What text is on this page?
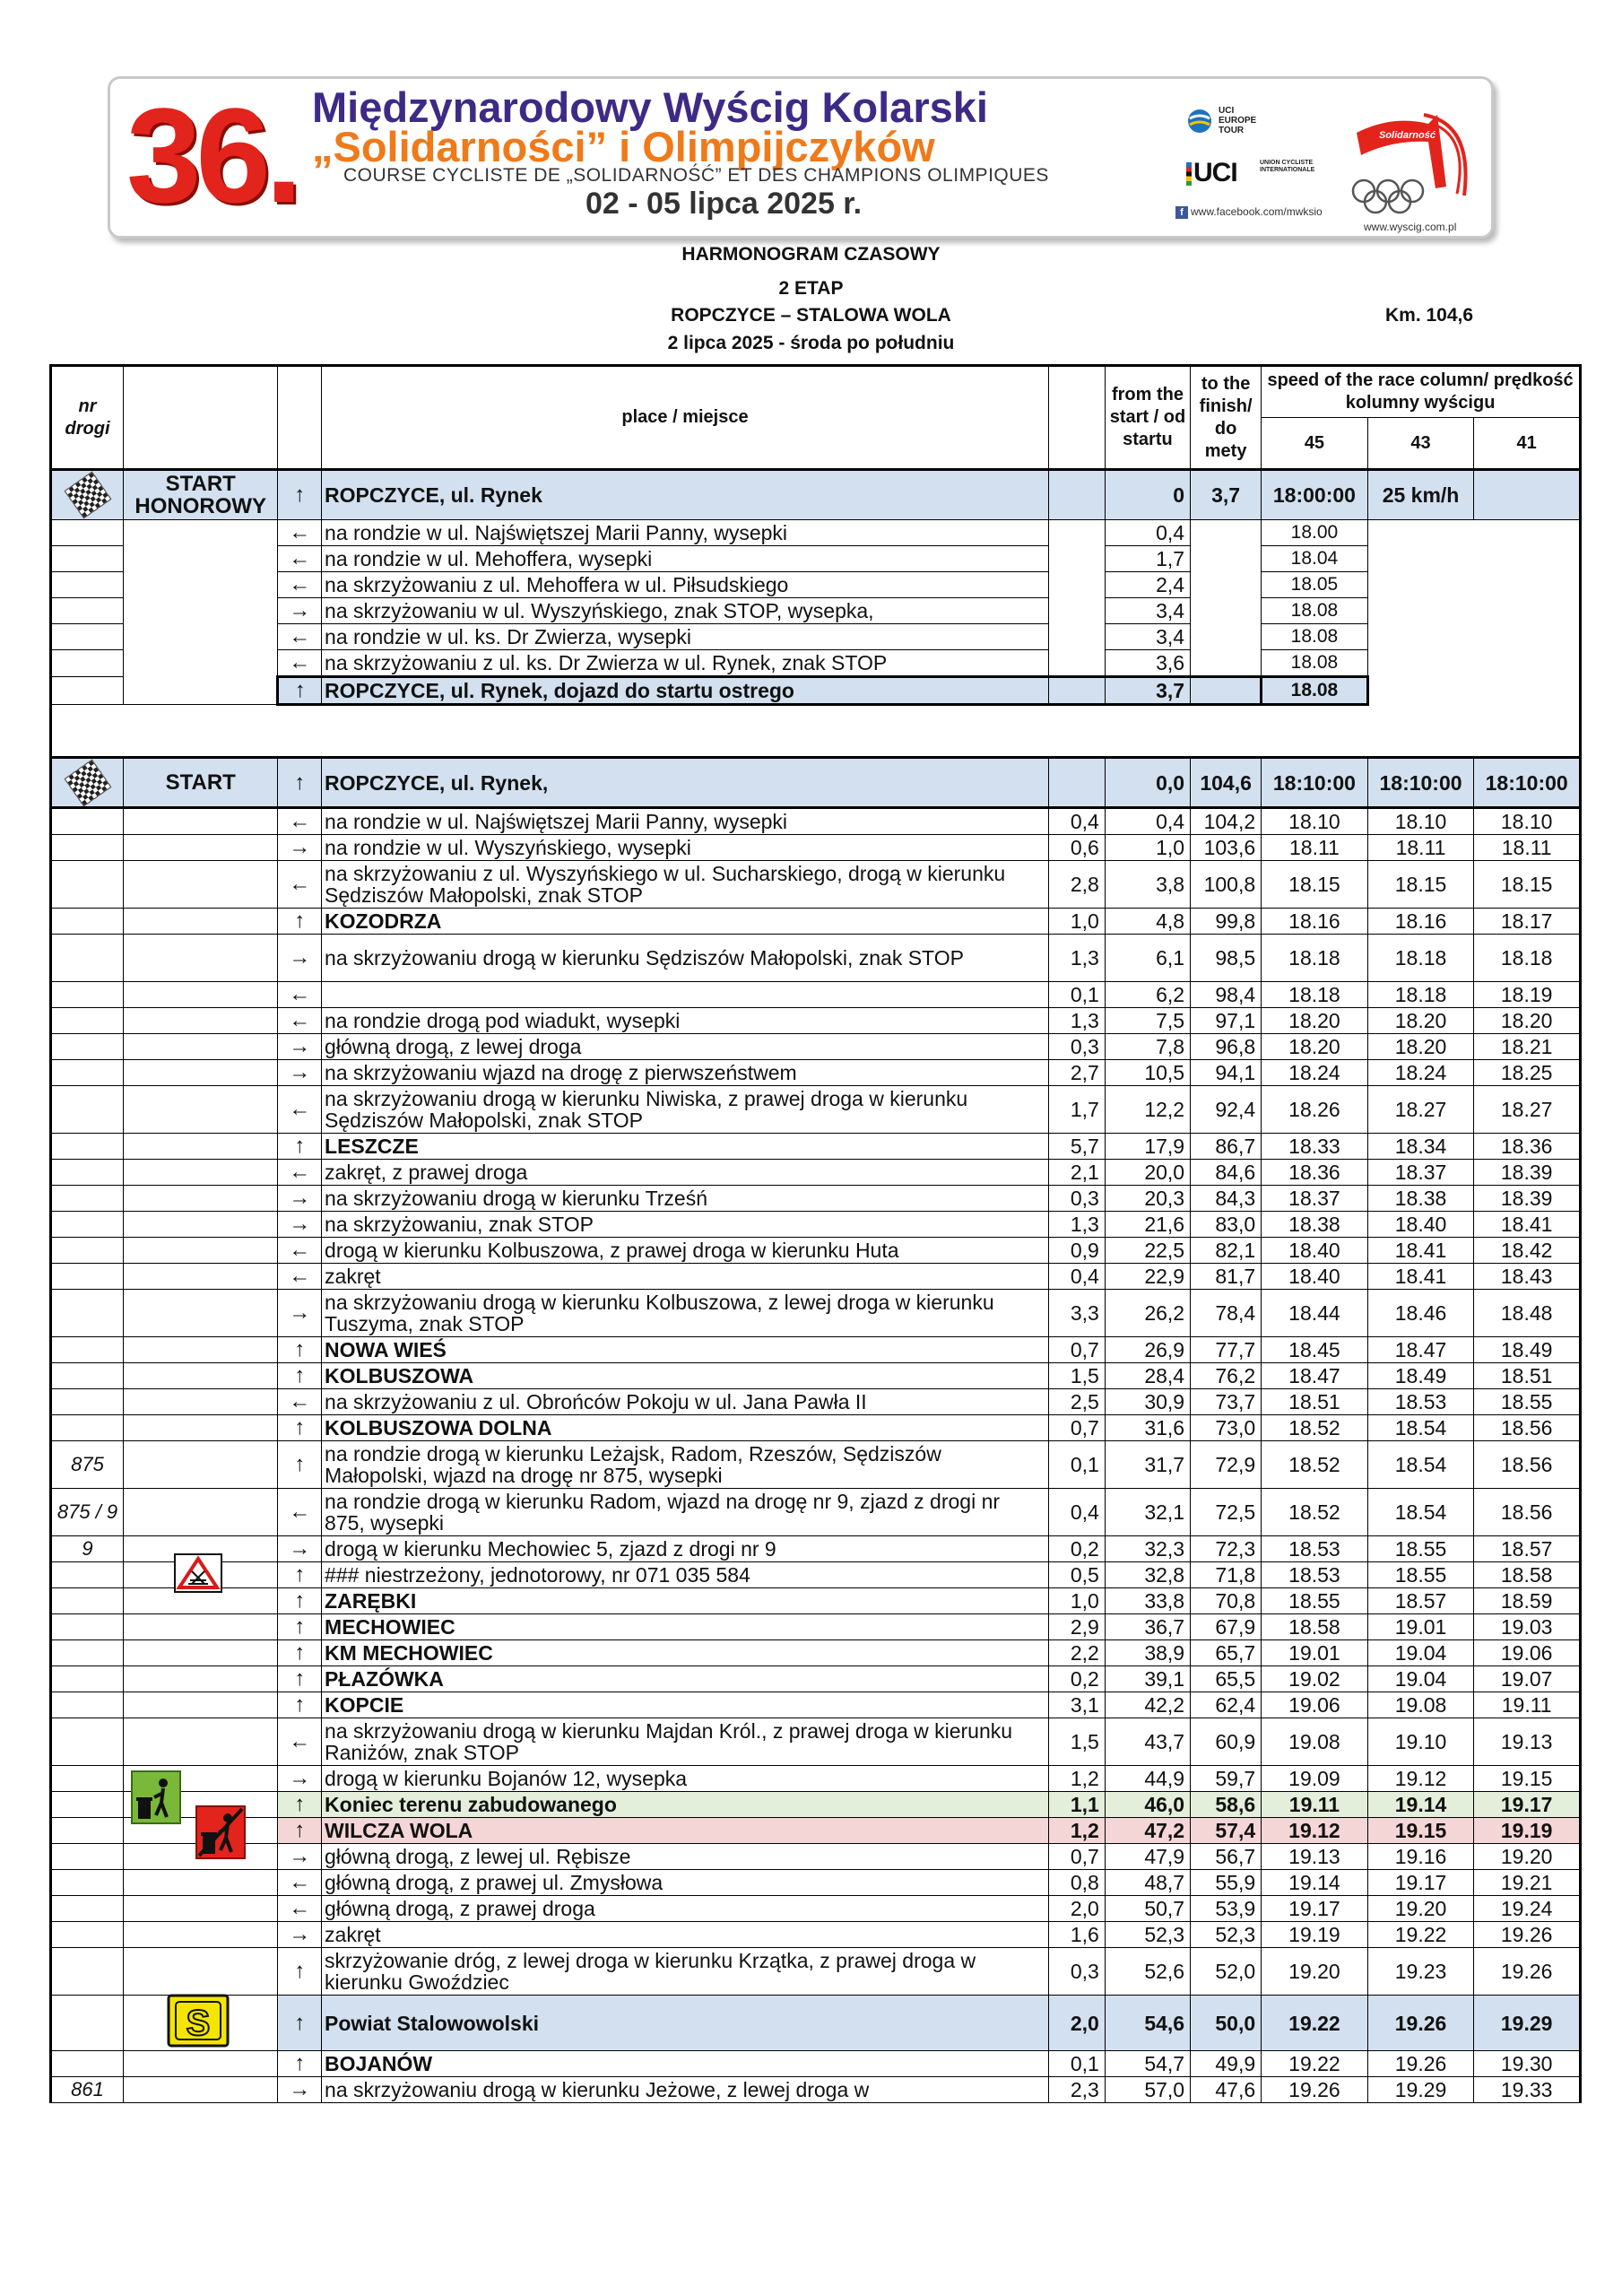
36. Międzynarodowy Wyścig Kolarski
„Solidarności” i Olimpijczyków
COURSE CYCLISTE DE „SOLIDARNOŚĆ” ET DES CHAMPIONS OLIMPIQUES
02 - 05 lipca 2025 r.
UCI EUROPE TOUR
UCI	UNION CYCLISTE INTERNATIONALE
f www.facebook.com/mwksio
Solidarność
www.wyscig.com.pl
HARMONOGRAM CZASOWY
2 ETAP
ROPCZYCE – STALOWA WOLA	Km. 104,6
2 lipca 2025 - środa po południu
nr drogi			place / miejsce		from the start / od startu	to the finish/ do mety	speed of the race column/ prędkość kolumny wyścigu		
							45	43	41
	START HONOROWY	↑	ROPCZYCE, ul. Rynek		0	3,7	18:00:00	25 km/h	
		←	na rondzie w ul. Najświętszej Marii Panny, wysepki		0,4		18.00		
		←	na rondzie w ul. Mehoffera, wysepki		1,7		18.04		
		←	na skrzyżowaniu z ul. Mehoffera w ul. Piłsudskiego		2,4		18.05		
		→	na skrzyżowaniu w ul. Wyszyńskiego, znak STOP, wysepka,		3,4		18.08		
		←	na rondzie w ul. ks. Dr Zwierza, wysepki		3,4		18.08		
		←	na skrzyżowaniu z ul. ks. Dr Zwierza w ul. Rynek, znak STOP		3,6		18.08		
		↑	ROPCZYCE, ul. Rynek, dojazd do startu ostrego		3,7		18.08		

	START	↑	ROPCZYCE, ul. Rynek,		0,0	104,6	18:10:00	18:10:00	18:10:00
		←	na rondzie w ul. Najświętszej Marii Panny, wysepki	0,4	0,4	104,2	18.10	18.10	18.10
		→	na rondzie w ul. Wyszyńskiego, wysepki	0,6	1,0	103,6	18.11	18.11	18.11
		←	na skrzyżowaniu z ul. Wyszyńskiego w ul. Sucharskiego, drogą w kierunku Sędziszów Małopolski, znak STOP	2,8	3,8	100,8	18.15	18.15	18.15
		↑	KOZODRZA	1,0	4,8	99,8	18.16	18.16	18.17
		→	na skrzyżowaniu drogą w kierunku Sędziszów Małopolski, znak STOP	1,3	6,1	98,5	18.18	18.18	18.18
		←		0,1	6,2	98,4	18.18	18.18	18.19
		←	na rondzie drogą pod wiadukt, wysepki	1,3	7,5	97,1	18.20	18.20	18.20
		→	główną drogą, z lewej droga	0,3	7,8	96,8	18.20	18.20	18.21
		→	na skrzyżowaniu wjazd na drogę z pierwszeństwem	2,7	10,5	94,1	18.24	18.24	18.25
		←	na skrzyżowaniu drogą w kierunku Niwiska, z prawej droga w kierunku Sędziszów Małopolski, znak STOP	1,7	12,2	92,4	18.26	18.27	18.27
		↑	LESZCZE	5,7	17,9	86,7	18.33	18.34	18.36
		←	zakręt, z prawej droga	2,1	20,0	84,6	18.36	18.37	18.39
		→	na skrzyżowaniu drogą w kierunku Trześń	0,3	20,3	84,3	18.37	18.38	18.39
		→	na skrzyżowaniu, znak STOP	1,3	21,6	83,0	18.38	18.40	18.41
		←	drogą w kierunku Kolbuszowa, z prawej droga w kierunku Huta	0,9	22,5	82,1	18.40	18.41	18.42
		←	zakręt	0,4	22,9	81,7	18.40	18.41	18.43
		→	na skrzyżowaniu drogą w kierunku Kolbuszowa, z lewej droga w kierunku Tuszyma, znak STOP	3,3	26,2	78,4	18.44	18.46	18.48
		↑	NOWA WIEŚ	0,7	26,9	77,7	18.45	18.47	18.49
		↑	KOLBUSZOWA	1,5	28,4	76,2	18.47	18.49	18.51
		←	na skrzyżowaniu z ul. Obrońców Pokoju w ul. Jana Pawła II	2,5	30,9	73,7	18.51	18.53	18.55
		↑	KOLBUSZOWA DOLNA	0,7	31,6	73,0	18.52	18.54	18.56
875		↑	na rondzie drogą w kierunku Leżajsk, Radom, Rzeszów, Sędziszów Małopolski, wjazd na drogę nr 875, wysepki	0,1	31,7	72,9	18.52	18.54	18.56
875 / 9		←	na rondzie drogą w kierunku Radom, wjazd na drogę nr 9, zjazd z drogi nr 875, wysepki	0,4	32,1	72,5	18.52	18.54	18.56
9		→	drogą w kierunku Mechowiec 5, zjazd z drogi nr 9	0,2	32,3	72,3	18.53	18.55	18.57

	↑	### niestrzeżony, jednotorowy, nr 071 035 584	0,5	32,8	71,8	18.53	18.55	18.58
		↑	ZARĘBKI	1,0	33,8	70,8	18.55	18.57	18.59
		↑	MECHOWIEC	2,9	36,7	67,9	18.58	19.01	19.03
		↑	KM MECHOWIEC	2,2	38,9	65,7	19.01	19.04	19.06
		↑	PŁAZÓWKA	0,2	39,1	65,5	19.02	19.04	19.07
		↑	KOPCIE	3,1	42,2	62,4	19.06	19.08	19.11
		←	na skrzyżowaniu drogą w kierunku Majdan Król., z prawej droga w kierunku Raniżów, znak STOP	1,5	43,7	60,9	19.08	19.10	19.13
		→	drogą w kierunku Bojanów 12, wysepka	1,2	44,9	59,7	19.09	19.12	19.15

	↑	Koniec terenu zabudowanego	1,1	46,0	58,6	19.11	19.14	19.17

	↑	WILCZA WOLA	1,2	47,2	57,4	19.12	19.15	19.19
		→	główną drogą, z lewej ul. Rębisze	0,7	47,9	56,7	19.13	19.16	19.20
		←	główną drogą, z prawej ul. Zmysłowa	0,8	48,7	55,9	19.14	19.17	19.21
		←	główną drogą, z prawej droga	2,0	50,7	53,9	19.17	19.20	19.24
		→	zakręt	1,6	52,3	52,3	19.19	19.22	19.26
		↑	skrzyżowanie dróg, z lewej droga w kierunku Krzątka, z prawej droga w kierunku Gwoździec	0,3	52,6	52,0	19.20	19.23	19.26

S	↑	Powiat Stalowowolski	2,0	54,6	50,0	19.22	19.26	19.29
		↑	BOJANÓW	0,1	54,7	49,9	19.22	19.26	19.30
861		→	na skrzyżowaniu drogą w kierunku Jeżowe, z lewej droga w	2,3	57,0	47,6	19.26	19.29	19.33
